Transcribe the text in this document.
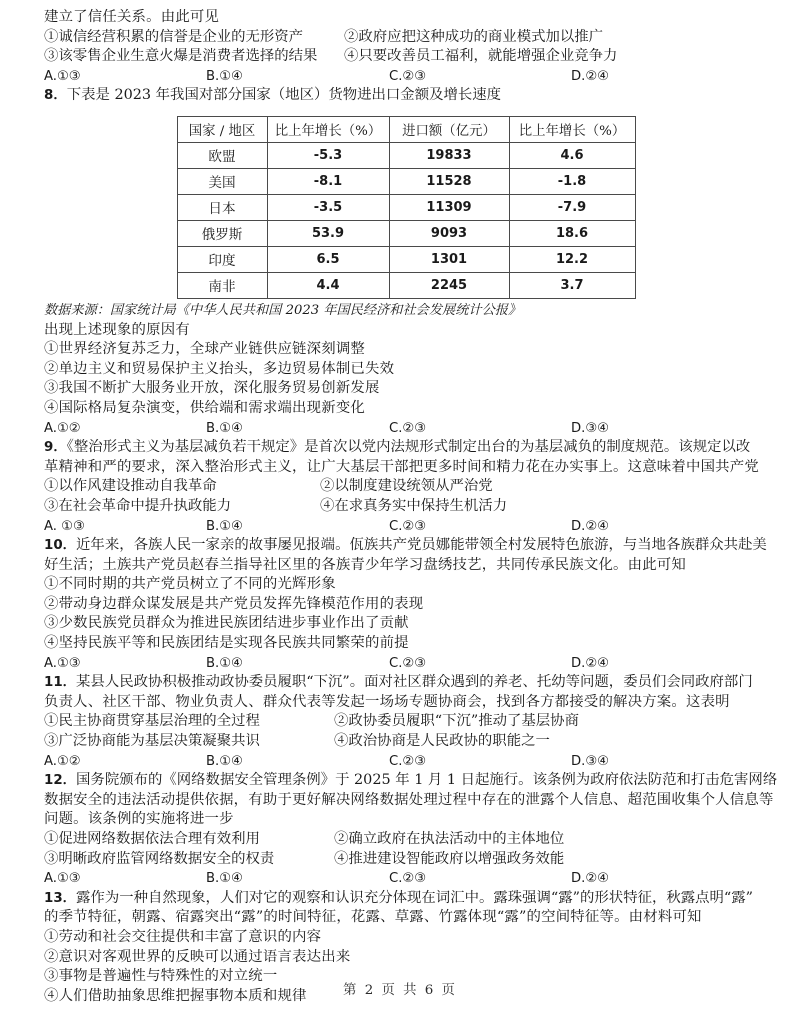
建立了信任关系。由此可见
①诚信经营积累的信誉是企业的无形资产	②政府应把这种成功的商业模式加以推广
③该零售企业生意火爆是消费者选择的结果 ④只要改善员工福利，就能增强企业竞争力
A.①③	B.①④	C.②③	D.②④
8．下表是 2023 年我国对部分国家（地区）货物进出口金额及增长速度
国家 / 地区	比上年增长（%）	进口额（亿元）	比上年增长（%）
欧盟	-5.3	19833	4.6
美国	-8.1	11528	-1.8
日本	-3.5	11309	-7.9
俄罗斯	53.9	9093	18.6
印度	6.5	1301	12.2
南非	4.4	2245	3.7
数据来源：国家统计局《中华人民共和国 2023 年国民经济和社会发展统计公报》
出现上述现象的原因有
①世界经济复苏乏力，全球产业链供应链深刻调整
②单边主义和贸易保护主义抬头，多边贸易体制已失效
③我国不断扩大服务业开放，深化服务贸易创新发展
④国际格局复杂演变，供给端和需求端出现新变化
A.①②	B.①④	C.②③	D.③④
9．《整治形式主义为基层减负若干规定》是首次以党内法规形式制定出台的为基层减负的制度规范。该规定以改
革精神和严的要求，深入整治形式主义，让广大基层干部把更多时间和精力花在办实事上。这意味着中国共产党
①以作风建设推动自我革命	②以制度建设统领从严治党
③在社会革命中提升执政能力	④在求真务实中保持生机活力
A. ①③	B.①④	C.②③	D.②④
10．近年来，各族人民一家亲的故事屡见报端。佤族共产党员娜能带领全村发展特色旅游，与当地各族群众共赴美
好生活；土族共产党员赵春兰指导社区里的各族青少年学习盘绣技艺，共同传承民族文化。由此可知
①不同时期的共产党员树立了不同的光辉形象
②带动身边群众谋发展是共产党员发挥先锋模范作用的表现
③少数民族党员群众为推进民族团结进步事业作出了贡献
④坚持民族平等和民族团结是实现各民族共同繁荣的前提
A.①③	B.①④	C.②③	D.②④
11．某县人民政协积极推动政协委员履职“下沉”。面对社区群众遇到的养老、托幼等问题，委员们会同政府部门
负责人、社区干部、物业负责人、群众代表等发起一场场专题协商会，找到各方都接受的解决方案。这表明
①民主协商贯穿基层治理的全过程	②政协委员履职“下沉”推动了基层协商
③广泛协商能为基层决策凝聚共识	④政治协商是人民政协的职能之一
A.①②	B.①④	C.②③	D.③④
12．国务院颁布的《网络数据安全管理条例》于 2025 年 1 月 1 日起施行。该条例为政府依法防范和打击危害网络
数据安全的违法活动提供依据，有助于更好解决网络数据处理过程中存在的泄露个人信息、超范围收集个人信息等
问题。该条例的实施将进一步
①促进网络数据依法合理有效利用	②确立政府在执法活动中的主体地位
③明晰政府监管网络数据安全的权责	④推进建设智能政府以增强政务效能
A.①③	B.①④	C.②③	D.②④
13．露作为一种自然现象，人们对它的观察和认识充分体现在词汇中。露珠强调“露”的形状特征，秋露点明“露”
的季节特征，朝露、宿露突出“露”的时间特征，花露、草露、竹露体现“露”的空间特征等。由材料可知
①劳动和社会交往提供和丰富了意识的内容
②意识对客观世界的反映可以通过语言表达出来
③事物是普遍性与特殊性的对立统一
④人们借助抽象思维把握事物本质和规律	第 2 页 共 6 页
